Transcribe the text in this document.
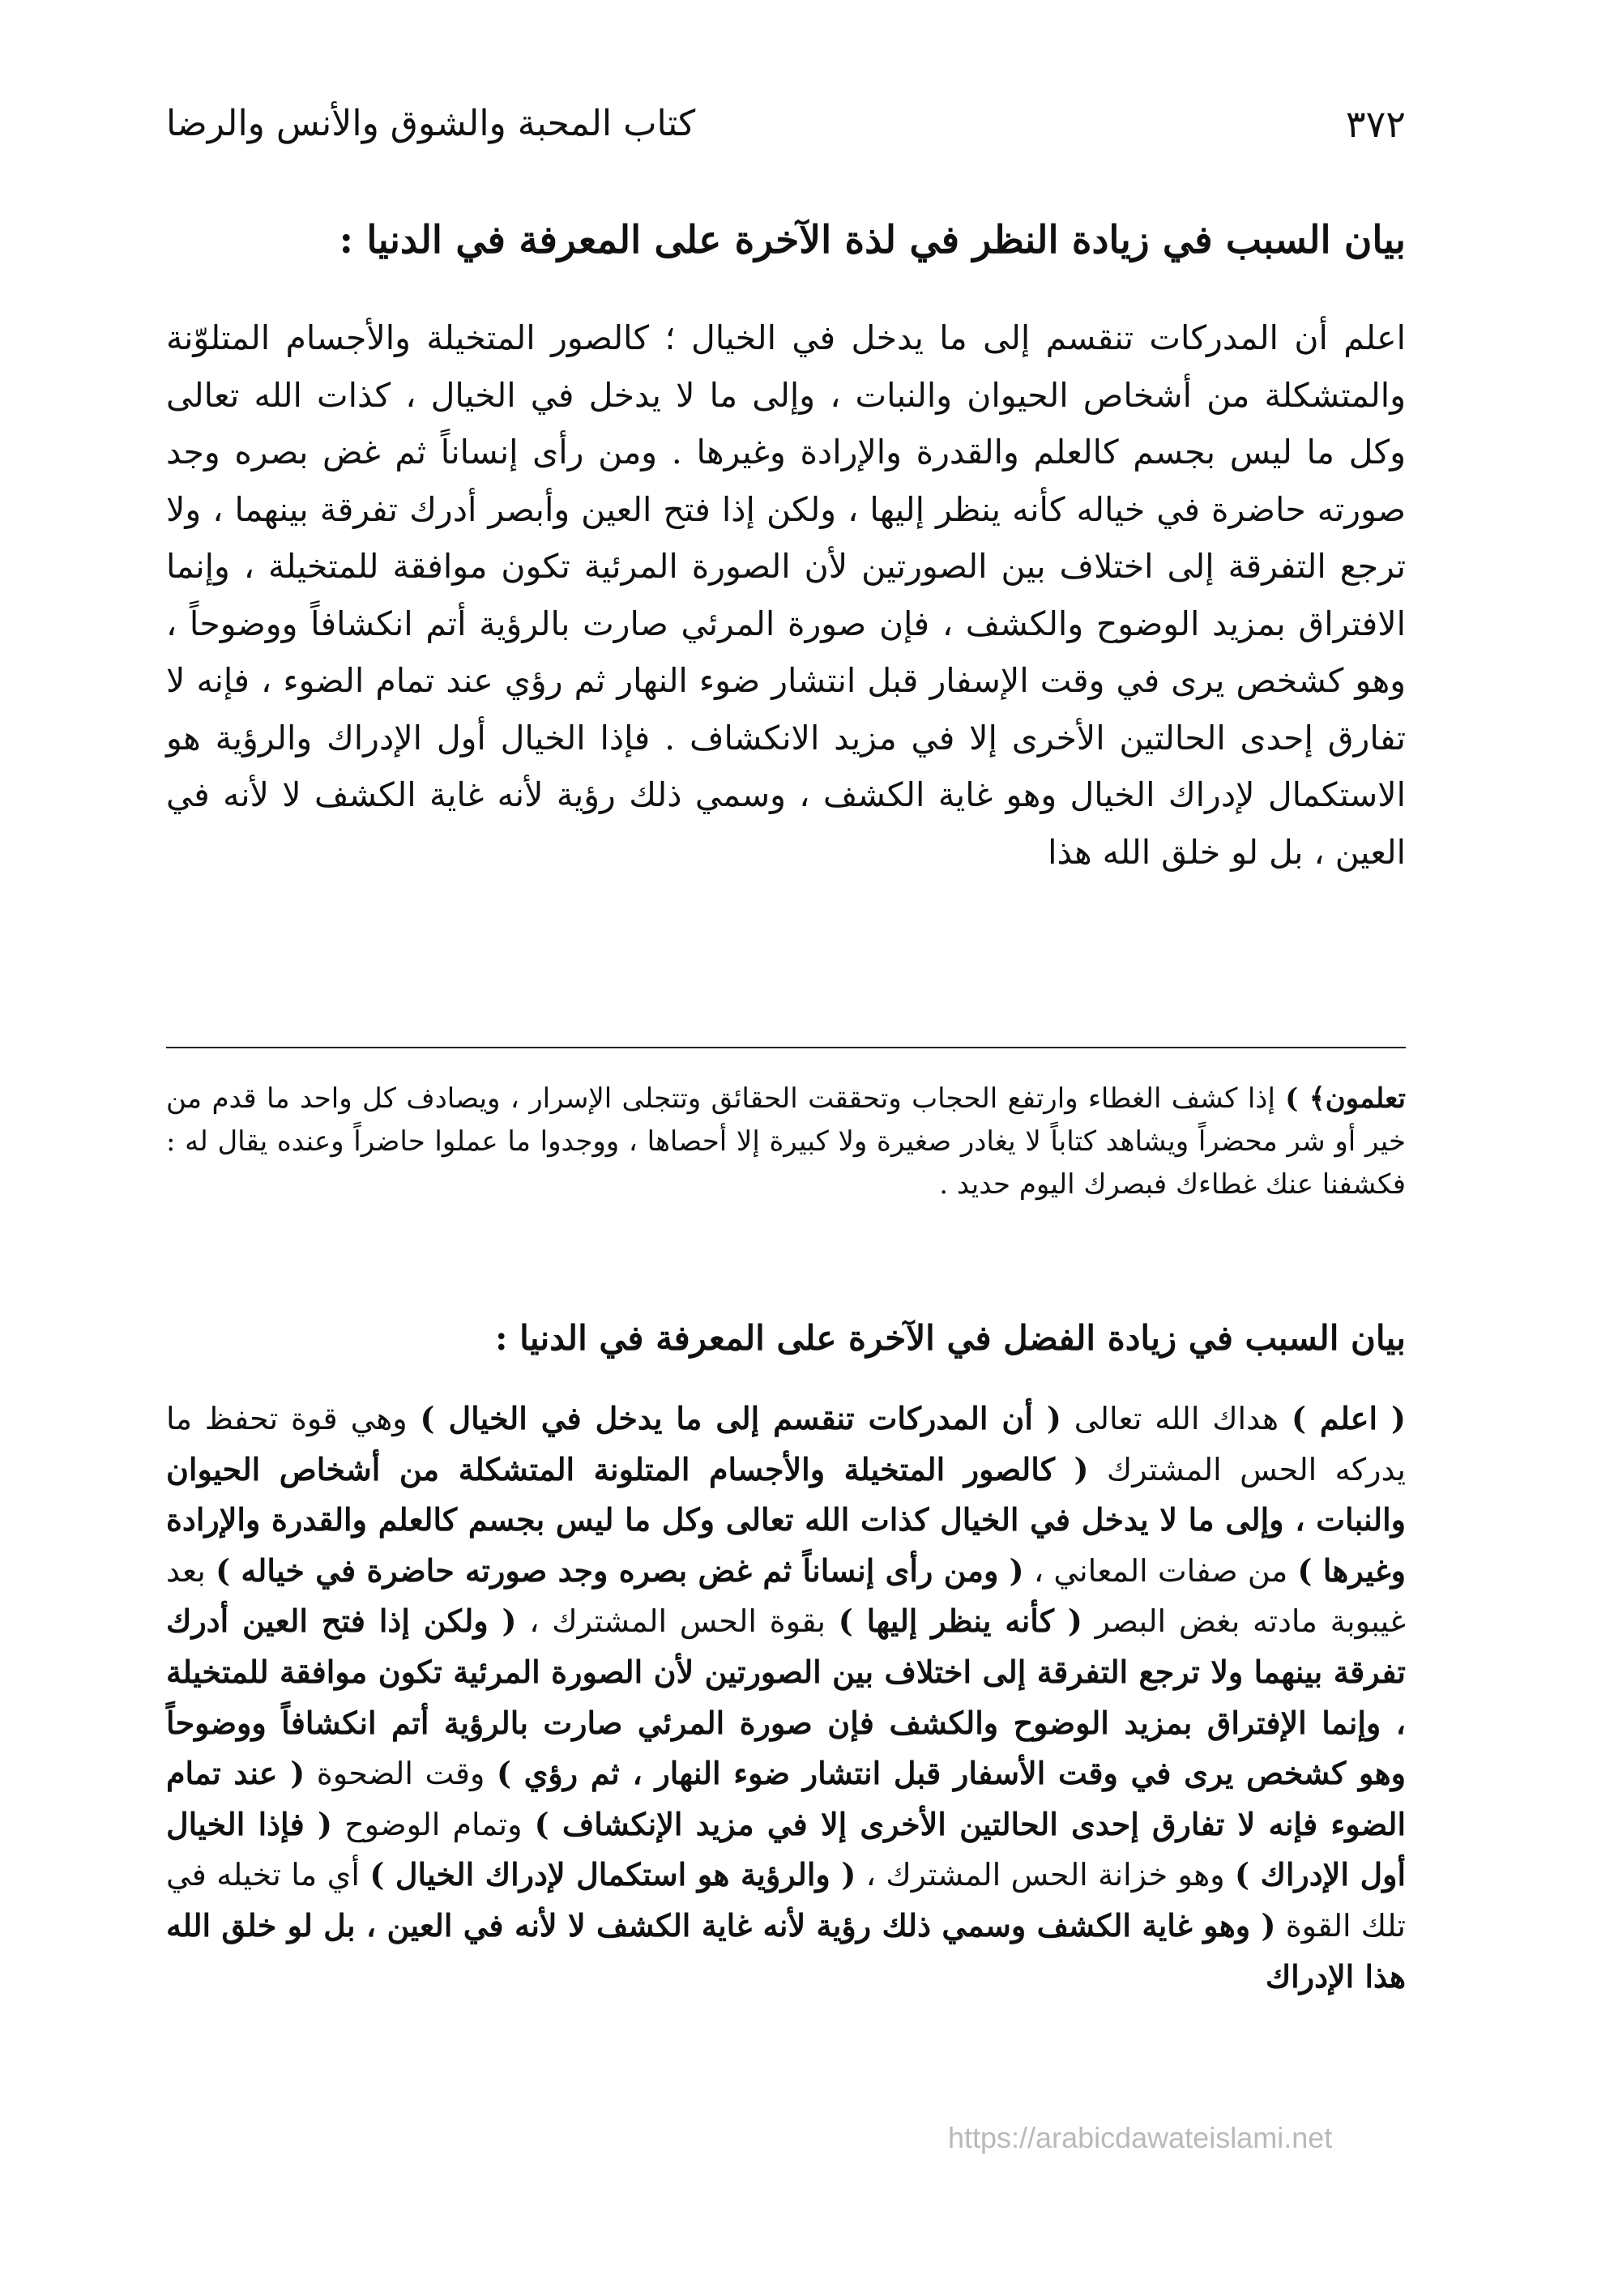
٣٧٢
كتاب المحبة والشوق والأنس والرضا
بيان السبب في زيادة النظر في لذة الآخرة على المعرفة في الدنيا :

اعلم أن المدركات تنقسم إلى ما يدخل في الخيال ؛ كالصور المتخيلة والأجسام المتلوّنة والمتشكلة من أشخاص الحيوان والنبات ، وإلى ما لا يدخل في الخيال ، كذات الله تعالى وكل ما ليس بجسم كالعلم والقدرة والإرادة وغيرها . ومن رأى إنساناً ثم غض بصره وجد صورته حاضرة في خياله كأنه ينظر إليها ، ولكن إذا فتح العين وأبصر أدرك تفرقة بينهما ، ولا ترجع التفرقة إلى اختلاف بين الصورتين لأن الصورة المرئية تكون موافقة للمتخيلة ، وإنما الافتراق بمزيد الوضوح والكشف ، فإن صورة المرئي صارت بالرؤية أتم انكشافاً ووضوحاً ، وهو كشخص يرى في وقت الإسفار قبل انتشار ضوء النهار ثم رؤي عند تمام الضوء ، فإنه لا تفارق إحدى الحالتين الأخرى إلا في مزيد الانكشاف . فإذا الخيال أول الإدراك والرؤية هو الاستكمال لإدراك الخيال وهو غاية الكشف ، وسمي ذلك رؤية لأنه غاية الكشف لا لأنه في العين ، بل لو خلق الله هذا

تعلمون﴾ ) إذا كشف الغطاء وارتفع الحجاب وتحققت الحقائق وتتجلى الإسرار ، ويصادف كل واحد ما قدم من خير أو شر محضراً ويشاهد كتاباً لا يغادر صغيرة ولا كبيرة إلا أحصاها ، ووجدوا ما عملوا حاضراً وعنده يقال له : فكشفنا عنك غطاءك فبصرك اليوم حديد .

بيان السبب في زيادة الفضل في الآخرة على المعرفة في الدنيا :

( اعلم ) هداك الله تعالى ( أن المدركات تنقسم إلى ما يدخل في الخيال ) وهي قوة تحفظ ما يدركه الحس المشترك ( كالصور المتخيلة والأجسام المتلونة المتشكلة من أشخاص الحيوان والنبات ، وإلى ما لا يدخل في الخيال كذات الله تعالى وكل ما ليس بجسم كالعلم والقدرة والإرادة وغيرها ) من صفات المعاني ، ( ومن رأى إنساناً ثم غض بصره وجد صورته حاضرة في خياله ) بعد غيبوبة مادته بغض البصر ( كأنه ينظر إليها ) بقوة الحس المشترك ، ( ولكن إذا فتح العين أدرك تفرقة بينهما ولا ترجع التفرقة إلى اختلاف بين الصورتين لأن الصورة المرئية تكون موافقة للمتخيلة ، وإنما الإفتراق بمزيد الوضوح والكشف فإن صورة المرئي صارت بالرؤية أتم انكشافاً ووضوحاً وهو كشخص يرى في وقت الأسفار قبل انتشار ضوء النهار ، ثم رؤي ) وقت الضحوة ( عند تمام الضوء فإنه لا تفارق إحدى الحالتين الأخرى إلا في مزيد الإنكشاف ) وتمام الوضوح ( فإذا الخيال أول الإدراك ) وهو خزانة الحس المشترك ، ( والرؤية هو استكمال لإدراك الخيال ) أي ما تخيله في تلك القوة ( وهو غاية الكشف وسمي ذلك رؤية لأنه غاية الكشف لا لأنه في العين ، بل لو خلق الله هذا الإدراك

https://arabicdawateislami.net
